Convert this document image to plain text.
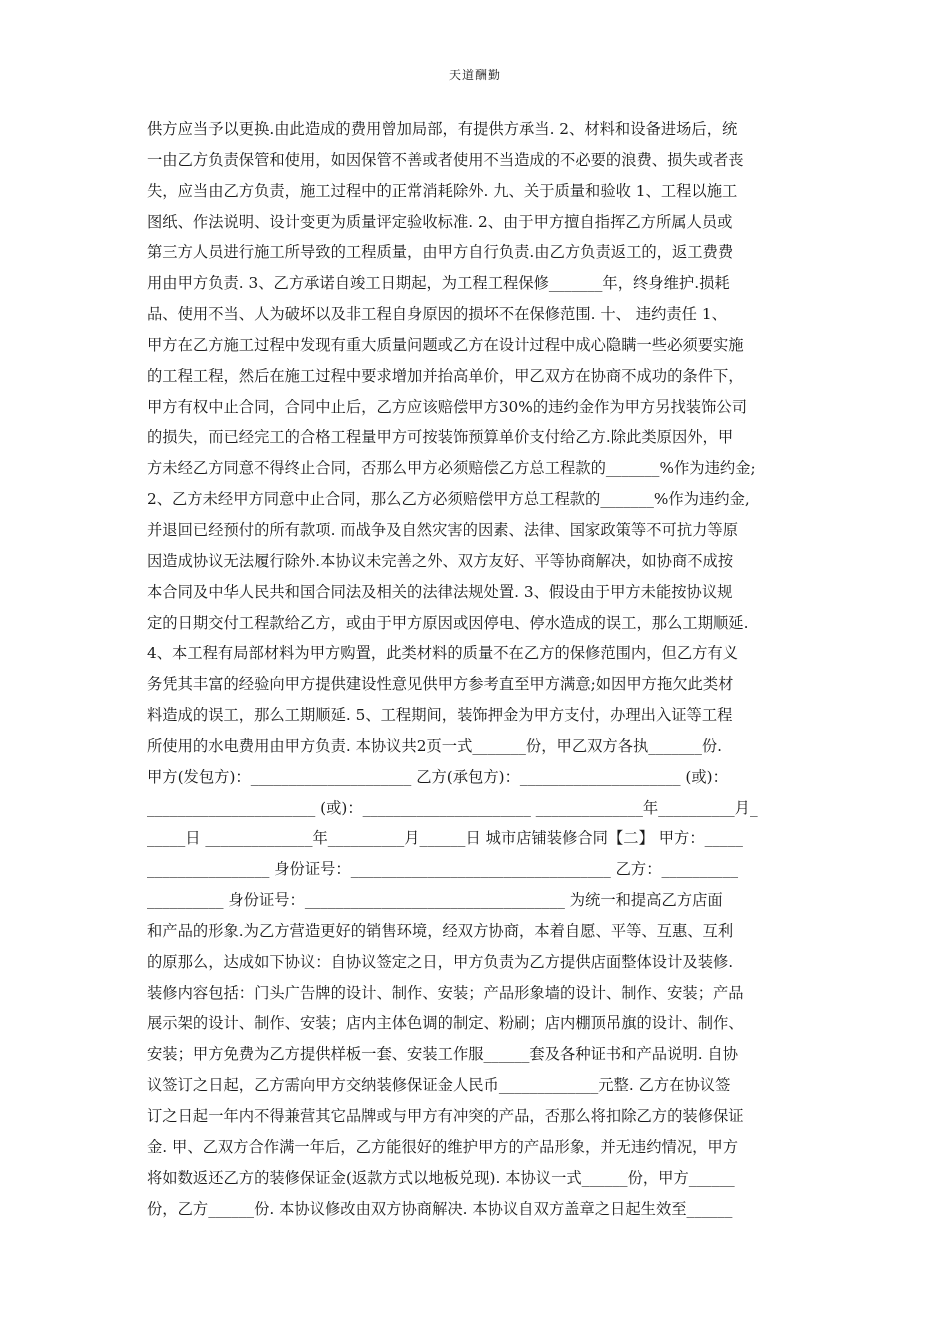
天道酬勤
供方应当予以更换.由此造成的费用曾加局部，有提供方承当. 2、材料和设备进场后，统
一由乙方负责保管和使用，如因保管不善或者使用不当造成的不必要的浪费、损失或者丧
失，应当由乙方负责，施工过程中的正常消耗除外. 九、关于质量和验收 1、工程以施工
图纸、作法说明、设计变更为质量评定验收标准. 2、由于甲方擅自指挥乙方所属人员或
第三方人员进行施工所导致的工程质量，由甲方自行负责.由乙方负责返工的，返工费费
用由甲方负责. 3、乙方承诺自竣工日期起，为工程工程保修_______年，终身维护.损耗
品、使用不当、人为破坏以及非工程自身原因的损坏不在保修范围. 十、 违约责任 1、
甲方在乙方施工过程中发现有重大质量问题或乙方在设计过程中成心隐瞒一些必须要实施
的工程工程，然后在施工过程中要求增加并抬高单价，甲乙双方在协商不成功的条件下，
甲方有权中止合同，合同中止后，乙方应该赔偿甲方30%的违约金作为甲方另找装饰公司
的损失，而已经完工的合格工程量甲方可按装饰预算单价支付给乙方.除此类原因外，甲
方未经乙方同意不得终止合同，否那么甲方必须赔偿乙方总工程款的_______%作为违约金;
2、乙方未经甲方同意中止合同，那么乙方必须赔偿甲方总工程款的_______%作为违约金,
并退回已经预付的所有款项. 而战争及自然灾害的因素、法律、国家政策等不可抗力等原
因造成协议无法履行除外.本协议未完善之外、双方友好、平等协商解决，如协商不成按
本合同及中华人民共和国合同法及相关的法律法规处置. 3、假设由于甲方未能按协议规
定的日期交付工程款给乙方，或由于甲方原因或因停电、停水造成的误工，那么工期顺延.
4、本工程有局部材料为甲方购置，此类材料的质量不在乙方的保修范围内，但乙方有义
务凭其丰富的经验向甲方提供建设性意见供甲方参考直至甲方满意;如因甲方拖欠此类材
料造成的误工，那么工期顺延. 5、工程期间，装饰押金为甲方支付，办理出入证等工程
所使用的水电费用由甲方负责. 本协议共2页一式_______份，甲乙双方各执_______份.
甲方(发包方)：_____________________ 乙方(承包方)：_____________________ (或)：
______________________ (或)：______________________ ______________年__________月_
_____日 ______________年__________月______日 城市店铺装修合同【二】 甲方：_____
________________ 身份证号：__________________________________ 乙方：__________
__________ 身份证号：__________________________________ 为统一和提高乙方店面
和产品的形象.为乙方营造更好的销售环境，经双方协商，本着自愿、平等、互惠、互利
的原那么，达成如下协议：自协议签定之日，甲方负责为乙方提供店面整体设计及装修.
装修内容包括：门头广告牌的设计、制作、安装；产品形象墙的设计、制作、安装；产品
展示架的设计、制作、安装；店内主体色调的制定、粉刷；店内棚顶吊旗的设计、制作、
安装；甲方免费为乙方提供样板一套、安装工作服______套及各种证书和产品说明. 自协
议签订之日起，乙方需向甲方交纳装修保证金人民币_____________元整. 乙方在协议签
订之日起一年内不得兼营其它品牌或与甲方有冲突的产品，否那么将扣除乙方的装修保证
金. 甲、乙双方合作满一年后，乙方能很好的维护甲方的产品形象，并无违约情况，甲方
将如数返还乙方的装修保证金(返款方式以地板兑现). 本协议一式______份，甲方______
份，乙方______份. 本协议修改由双方协商解决. 本协议自双方盖章之日起生效至______
